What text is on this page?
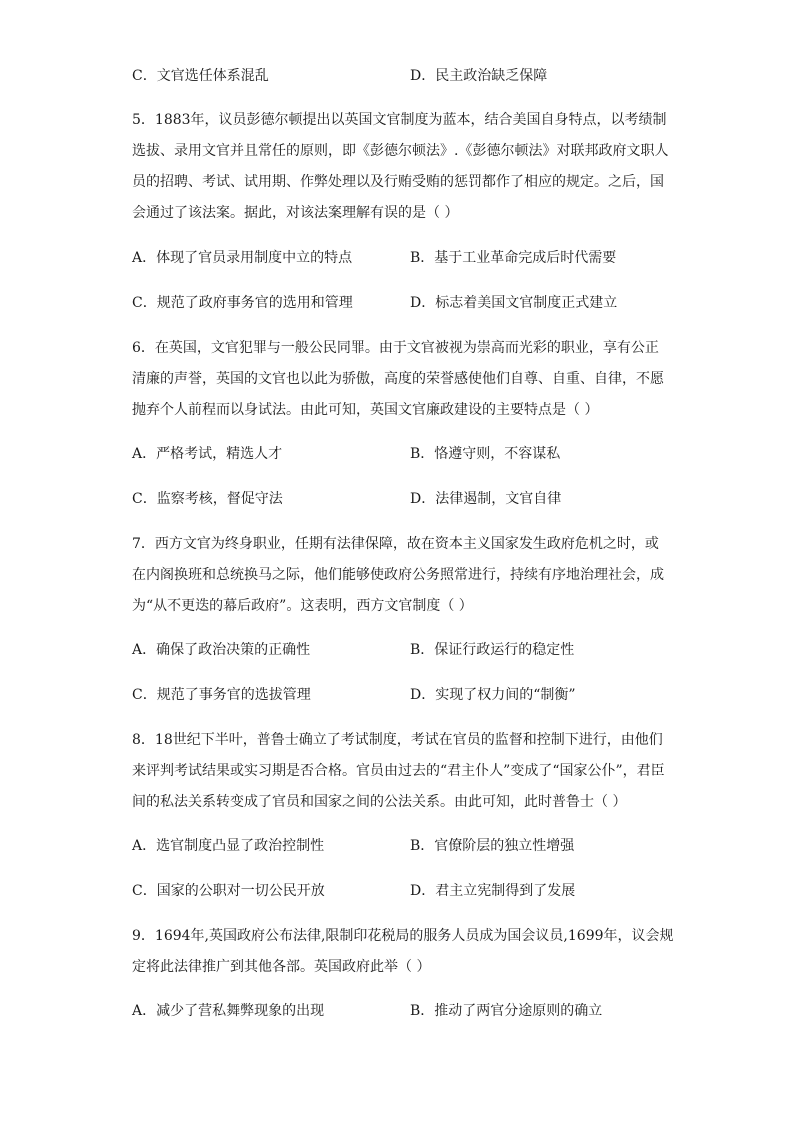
C．文官选任体系混乱	D．民主政治缺乏保障
5．1883年，议员彭德尔顿提出以英国文官制度为蓝本，结合美国自身特点，以考绩制
选拔、录用文官并且常任的原则，即《彭德尔顿法》.《彭德尔顿法》对联邦政府文职人
员的招聘、考试、试用期、作弊处理以及行贿受贿的惩罚都作了相应的规定。之后，国
会通过了该法案。据此，对该法案理解有误的是（ ）
A．体现了官员录用制度中立的特点	B．基于工业革命完成后时代需要
C．规范了政府事务官的选用和管理	D．标志着美国文官制度正式建立
6．在英国，文官犯罪与一般公民同罪。由于文官被视为崇高而光彩的职业，享有公正
清廉的声誉，英国的文官也以此为骄傲，高度的荣誉感使他们自尊、自重、自律，不愿
抛弃个人前程而以身试法。由此可知，英国文官廉政建设的主要特点是（ ）
A．严格考试，精选人才	B．恪遵守则，不容谋私
C．监察考核，督促守法	D．法律遏制，文官自律
7．西方文官为终身职业，任期有法律保障，故在资本主义国家发生政府危机之时，或
在内阁换班和总统换马之际，他们能够使政府公务照常进行，持续有序地治理社会，成
为“从不更迭的幕后政府”。这表明，西方文官制度（ ）
A．确保了政治决策的正确性	B．保证行政运行的稳定性
C．规范了事务官的选拔管理	D．实现了权力间的“制衡”
8．18世纪下半叶，普鲁士确立了考试制度，考试在官员的监督和控制下进行，由他们
来评判考试结果或实习期是否合格。官员由过去的“君主仆人”变成了“国家公仆”，君臣
间的私法关系转变成了官员和国家之间的公法关系。由此可知，此时普鲁士（ ）
A．选官制度凸显了政治控制性	B．官僚阶层的独立性增强
C．国家的公职对一切公民开放	D．君主立宪制得到了发展
9．1694年,英国政府公布法律,限制印花税局的服务人员成为国会议员,1699年，议会规
定将此法律推广到其他各部。英国政府此举（ ）
A．减少了营私舞弊现象的出现	B．推动了两官分途原则的确立
